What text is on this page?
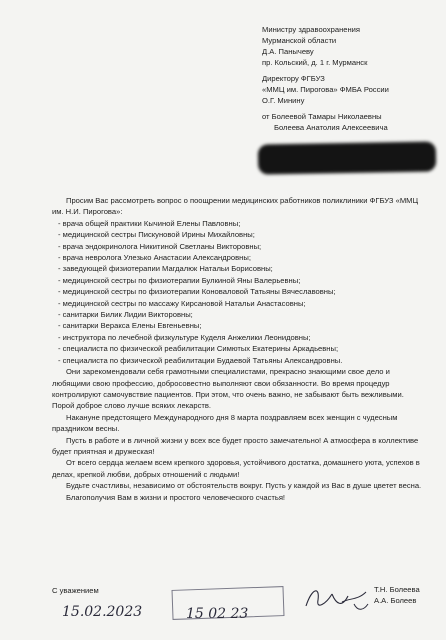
Министру здравоохранения
Мурманской области
Д.А. Панычеву
пр. Кольский, д. 1 г. Мурманск
Директору ФГБУЗ
«ММЦ им. Пирогова» ФМБА России
О.Г. Минину
от Болеевой Тамары Николаевны
Болеева Анатолия Алексеевича

Просим Вас рассмотреть вопрос о поощрении медицинских работников поликлиники ФГБУЗ «ММЦ им. Н.И. Пирогова»:

- врача общей практики Кычиной Елены Павловны;
- медицинской сестры Пискуновой Ирины Михайловны;
- врача эндокринолога Никитиной Светланы Викторовны;
- врача невролога Улезько Анастасии Александровны;
- заведующей физиотерапии Магдалюк Натальи Борисовны;
- медицинской сестры по физиотерапии Булкиной Яны Валерьевны;
- медицинской сестры по физиотерапии Коноваловой Татьяны Вячеславовны;
- медицинской сестры по массажу Кирсановой Натальи Анастасовны;
- санитарки Билик Лидии Викторовны;
- санитарки Веракса Елены Евгеньевны;
- инструктора по лечебной физкультуре Куделя Анжелики Леонидовны;
- специалиста по физической реабилитации Симютых Екатерины Аркадьевны;
- специалиста по физической реабилитации Будаевой Татьяны Александровны.

Они зарекомендовали себя грамотными специалистами, прекрасно знающими свое дело и любящими свою профессию, добросовестно выполняют свои обязанности. Во время процедур контролируют самочувствие пациентов. При этом, что очень важно, не забывают быть вежливыми. Порой доброе слово лучше всяких лекарств.

Накануне предстоящего Международного дня 8 марта поздравляем всех женщин с чудесным праздником весны.

Пусть в работе и в личной жизни у всех все будет просто замечательно! А атмосфера в коллективе будет приятная и дружеская!

От всего сердца желаем всем крепкого здоровья, устойчивого достатка, домашнего уюта, успехов в делах, крепкой любви, добрых отношений с людьми!

Будьте счастливы, независимо от обстоятельств вокруг. Пусть у каждой из Вас в душе цветет весна.

Благополучия Вам в жизни и простого человеческого счастья!

С уважением	Т.Н. Болеева
А.А. Болеев
15.02.2023	15 02 23
